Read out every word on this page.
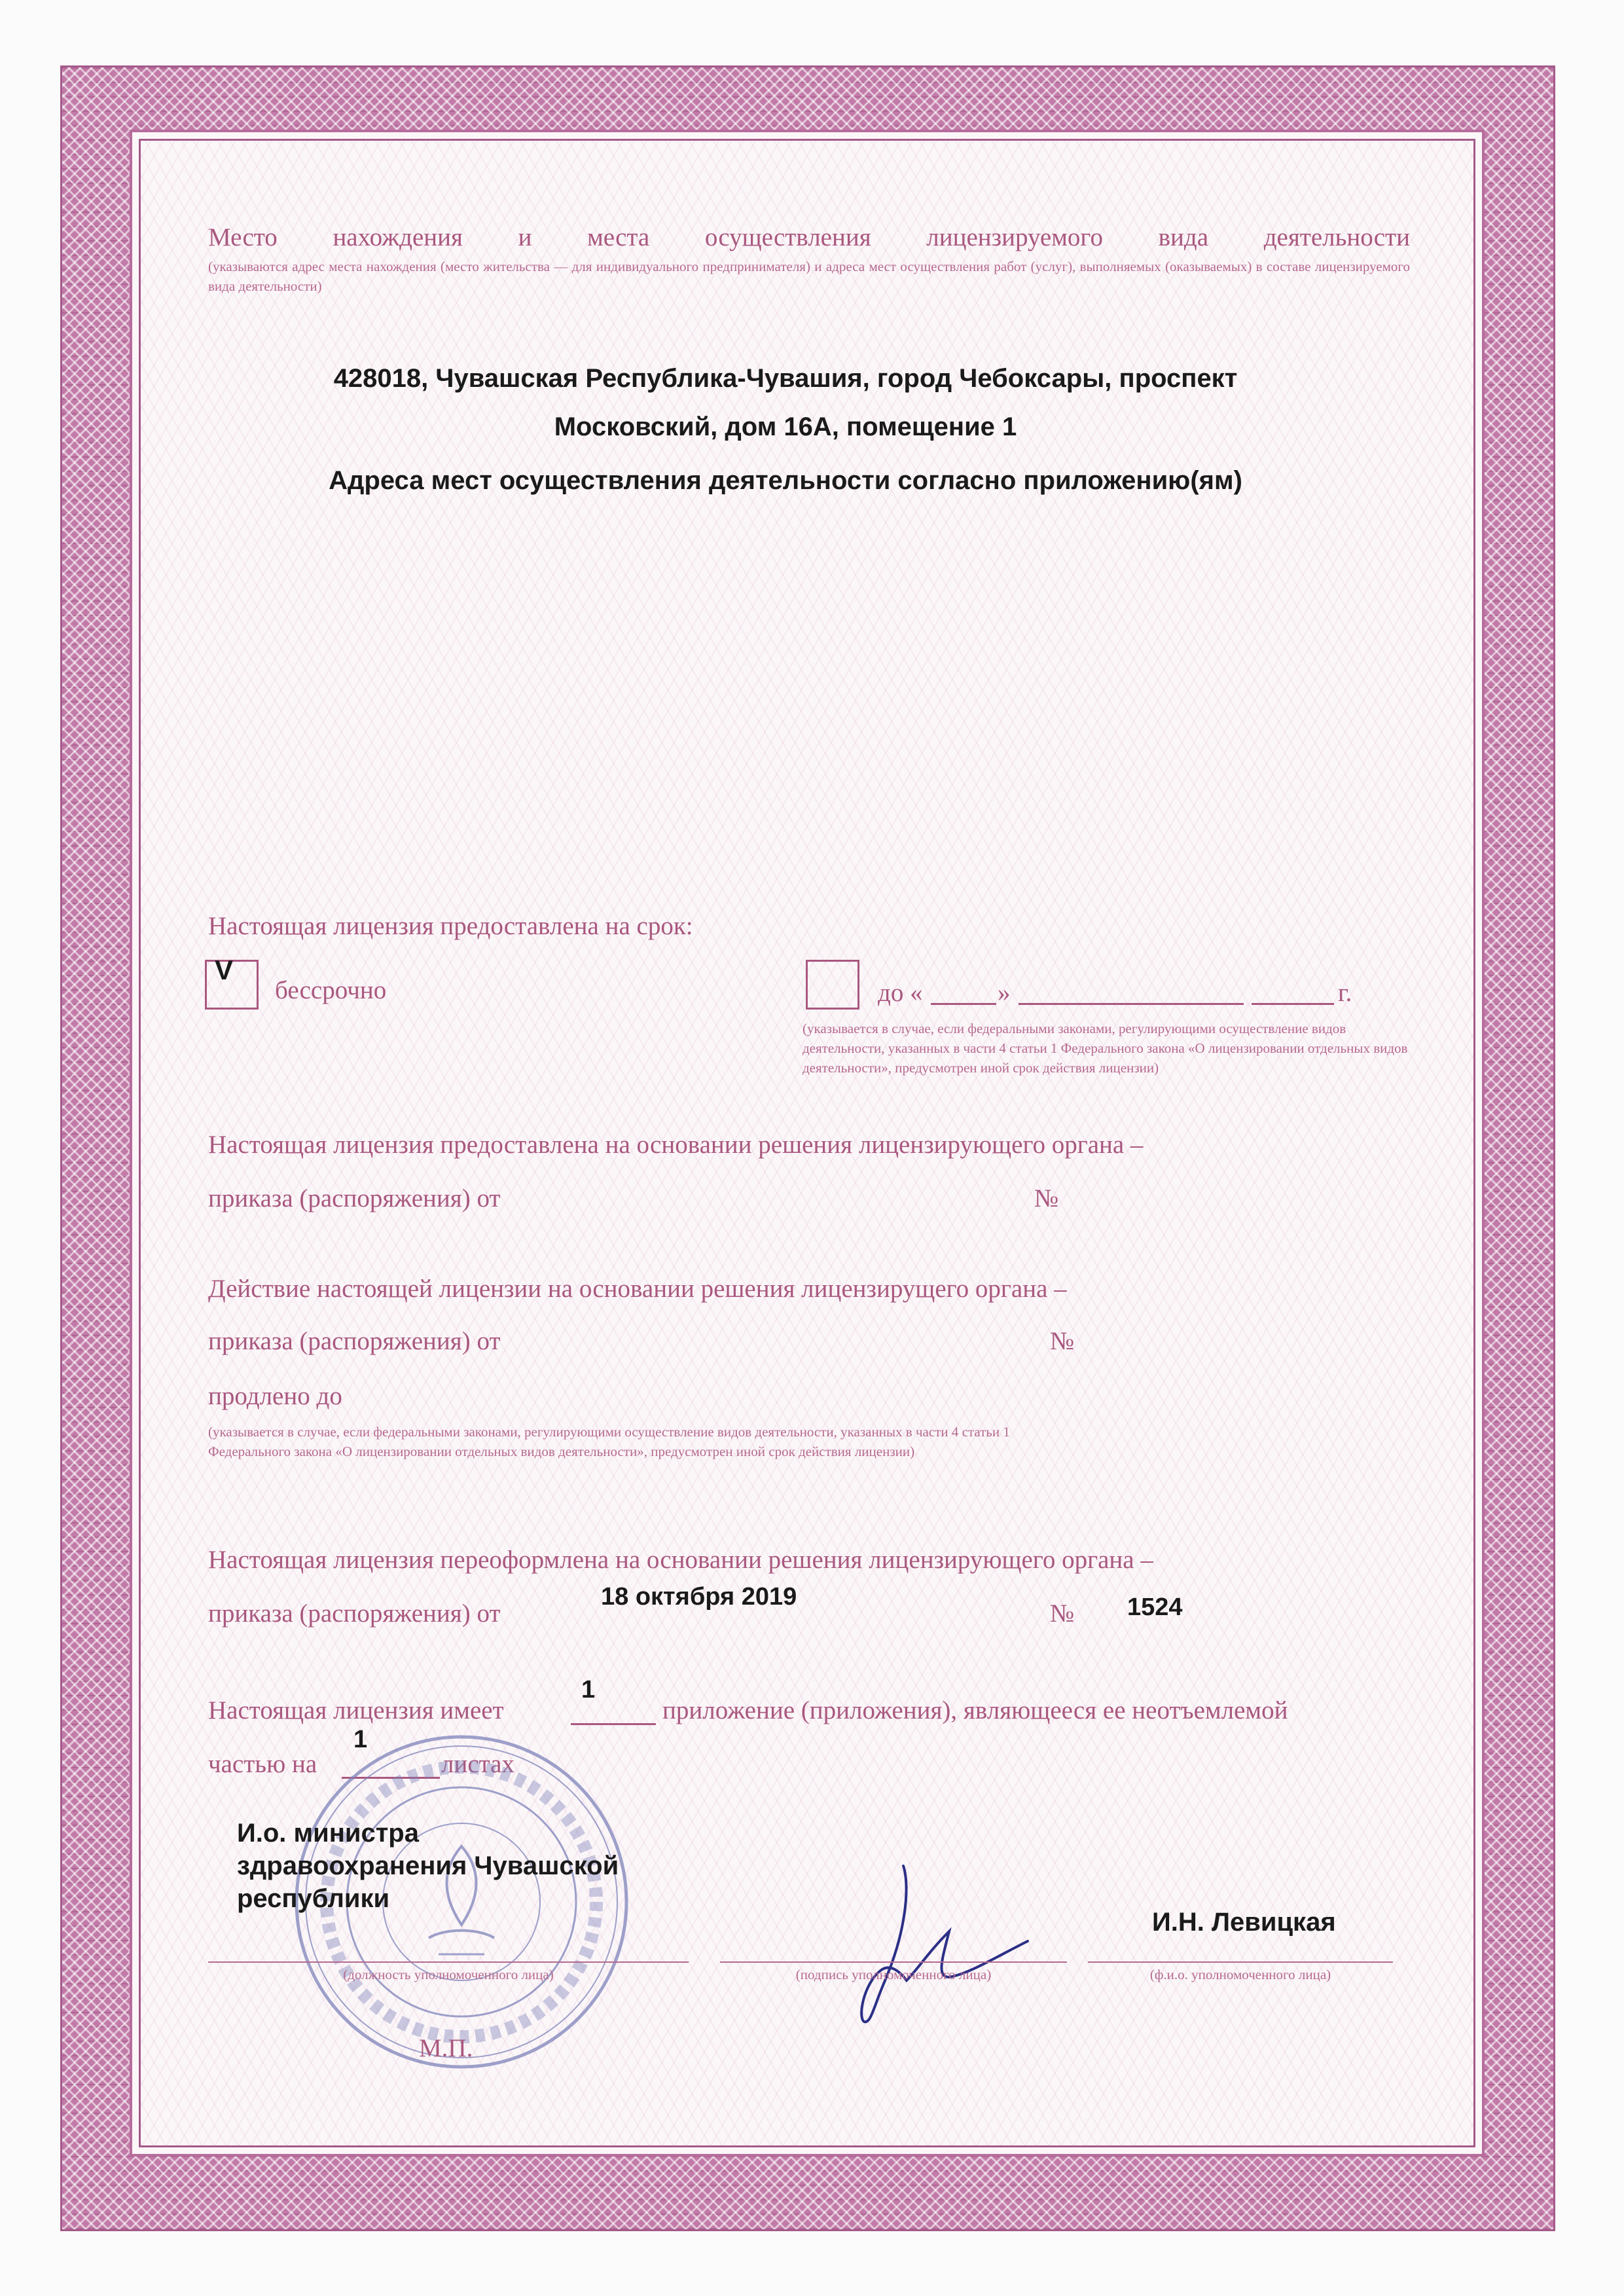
Место нахождения и места осуществления лицензируемого вида деятельности
(указываются адрес места нахождения (место жительства — для индивидуального предпринимателя) и адреса мест осуществления работ (услуг), выполняемых (оказываемых) в составе лицензируемого вида деятельности)
428018, Чувашская Республика-Чувашия, город Чебоксары, проспект
Московский, дом 16А, помещение 1
Адреса мест осуществления деятельности согласно приложению(ям)
Настоящая лицензия предоставлена на срок:
V
бессрочно	до «	»	г.
(указывается в случае, если федеральными законами, регулирующими осуществление видов деятельности, указанных в части 4 статьи 1 Федерального закона «О лицензировании отдельных видов деятельности», предусмотрен иной срок действия лицензии)
Настоящая лицензия предоставлена на основании решения лицензирующего органа –
приказа (распоряжения) от	№
Действие настоящей лицензии на основании решения лицензирущего органа –
приказа (распоряжения) от	№
продлено до
(указывается в случае, если федеральными законами, регулирующими осуществление видов деятельности, указанных в части 4 статьи 1 Федерального закона «О лицензировании отдельных видов деятельности», предусмотрен иной срок действия лицензии)
Настоящая лицензия переоформлена на основании решения лицензирующего органа –
приказа (распоряжения) от
18 октября 2019
№ 1524
Настоящая лицензия имеет
1
приложение (приложения), являющееся ее неотъемлемой
частью на
1
листах
И.о. министра
здравоохранения Чувашской
республики
И.Н. Левицкая
(должность уполномоченного лица)	(подпись уполномоченного лица)	(ф.и.о. уполномоченного лица)
М.П.
